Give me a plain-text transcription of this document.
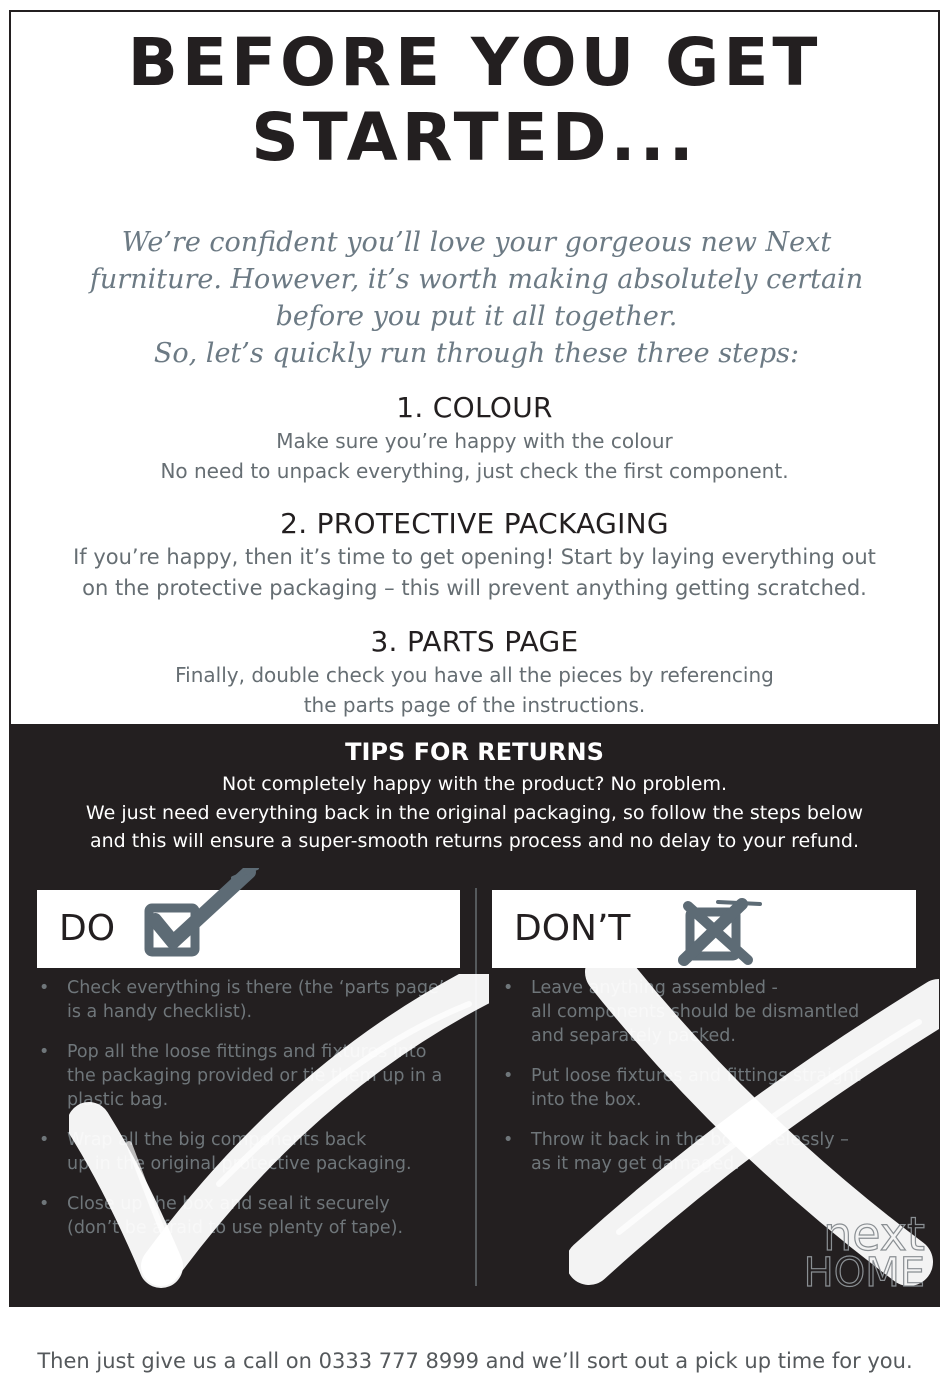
BEFORE YOU GET
STARTED...
We’re confident you’ll love your gorgeous new Next
furniture. However, it’s worth making absolutely certain
before you put it all together.
So, let’s quickly run through these three steps:
1. COLOUR

Make sure you’re happy with the colour
No need to unpack everything, just check the first component.

2. PROTECTIVE PACKAGING

If you’re happy, then it’s time to get opening! Start by laying everything out
on the protective packaging – this will prevent anything getting scratched.

3. PARTS PAGE

Finally, double check you have all the pieces by referencing
the parts page of the instructions.

TIPS FOR RETURNS
Not completely happy with the product? No problem.
We just need everything back in the original packaging, so follow the steps below
and this will ensure a super-smooth returns process and no delay to your refund.
DO	DON’T
• Check everything is there (the ‘parts page’
is a handy checklist).
• Pop all the loose fittings and fixtures into
the packaging provided or tie them up in a
plastic bag.
• Wrap all the big components back
up in the original protective packaging.
• Close up the box and seal it securely
(don’t be afraid to use plenty of tape).
• Leave anything assembled -
all components should be dismantled
and separately packed.
• Put loose fixtures and fittings straight
into the box.
• Throw it back in the box carelessly –
as it may get damaged.
next
HOME

Then just give us a call on 0333 777 8999 and we’ll sort out a pick up time for you.
